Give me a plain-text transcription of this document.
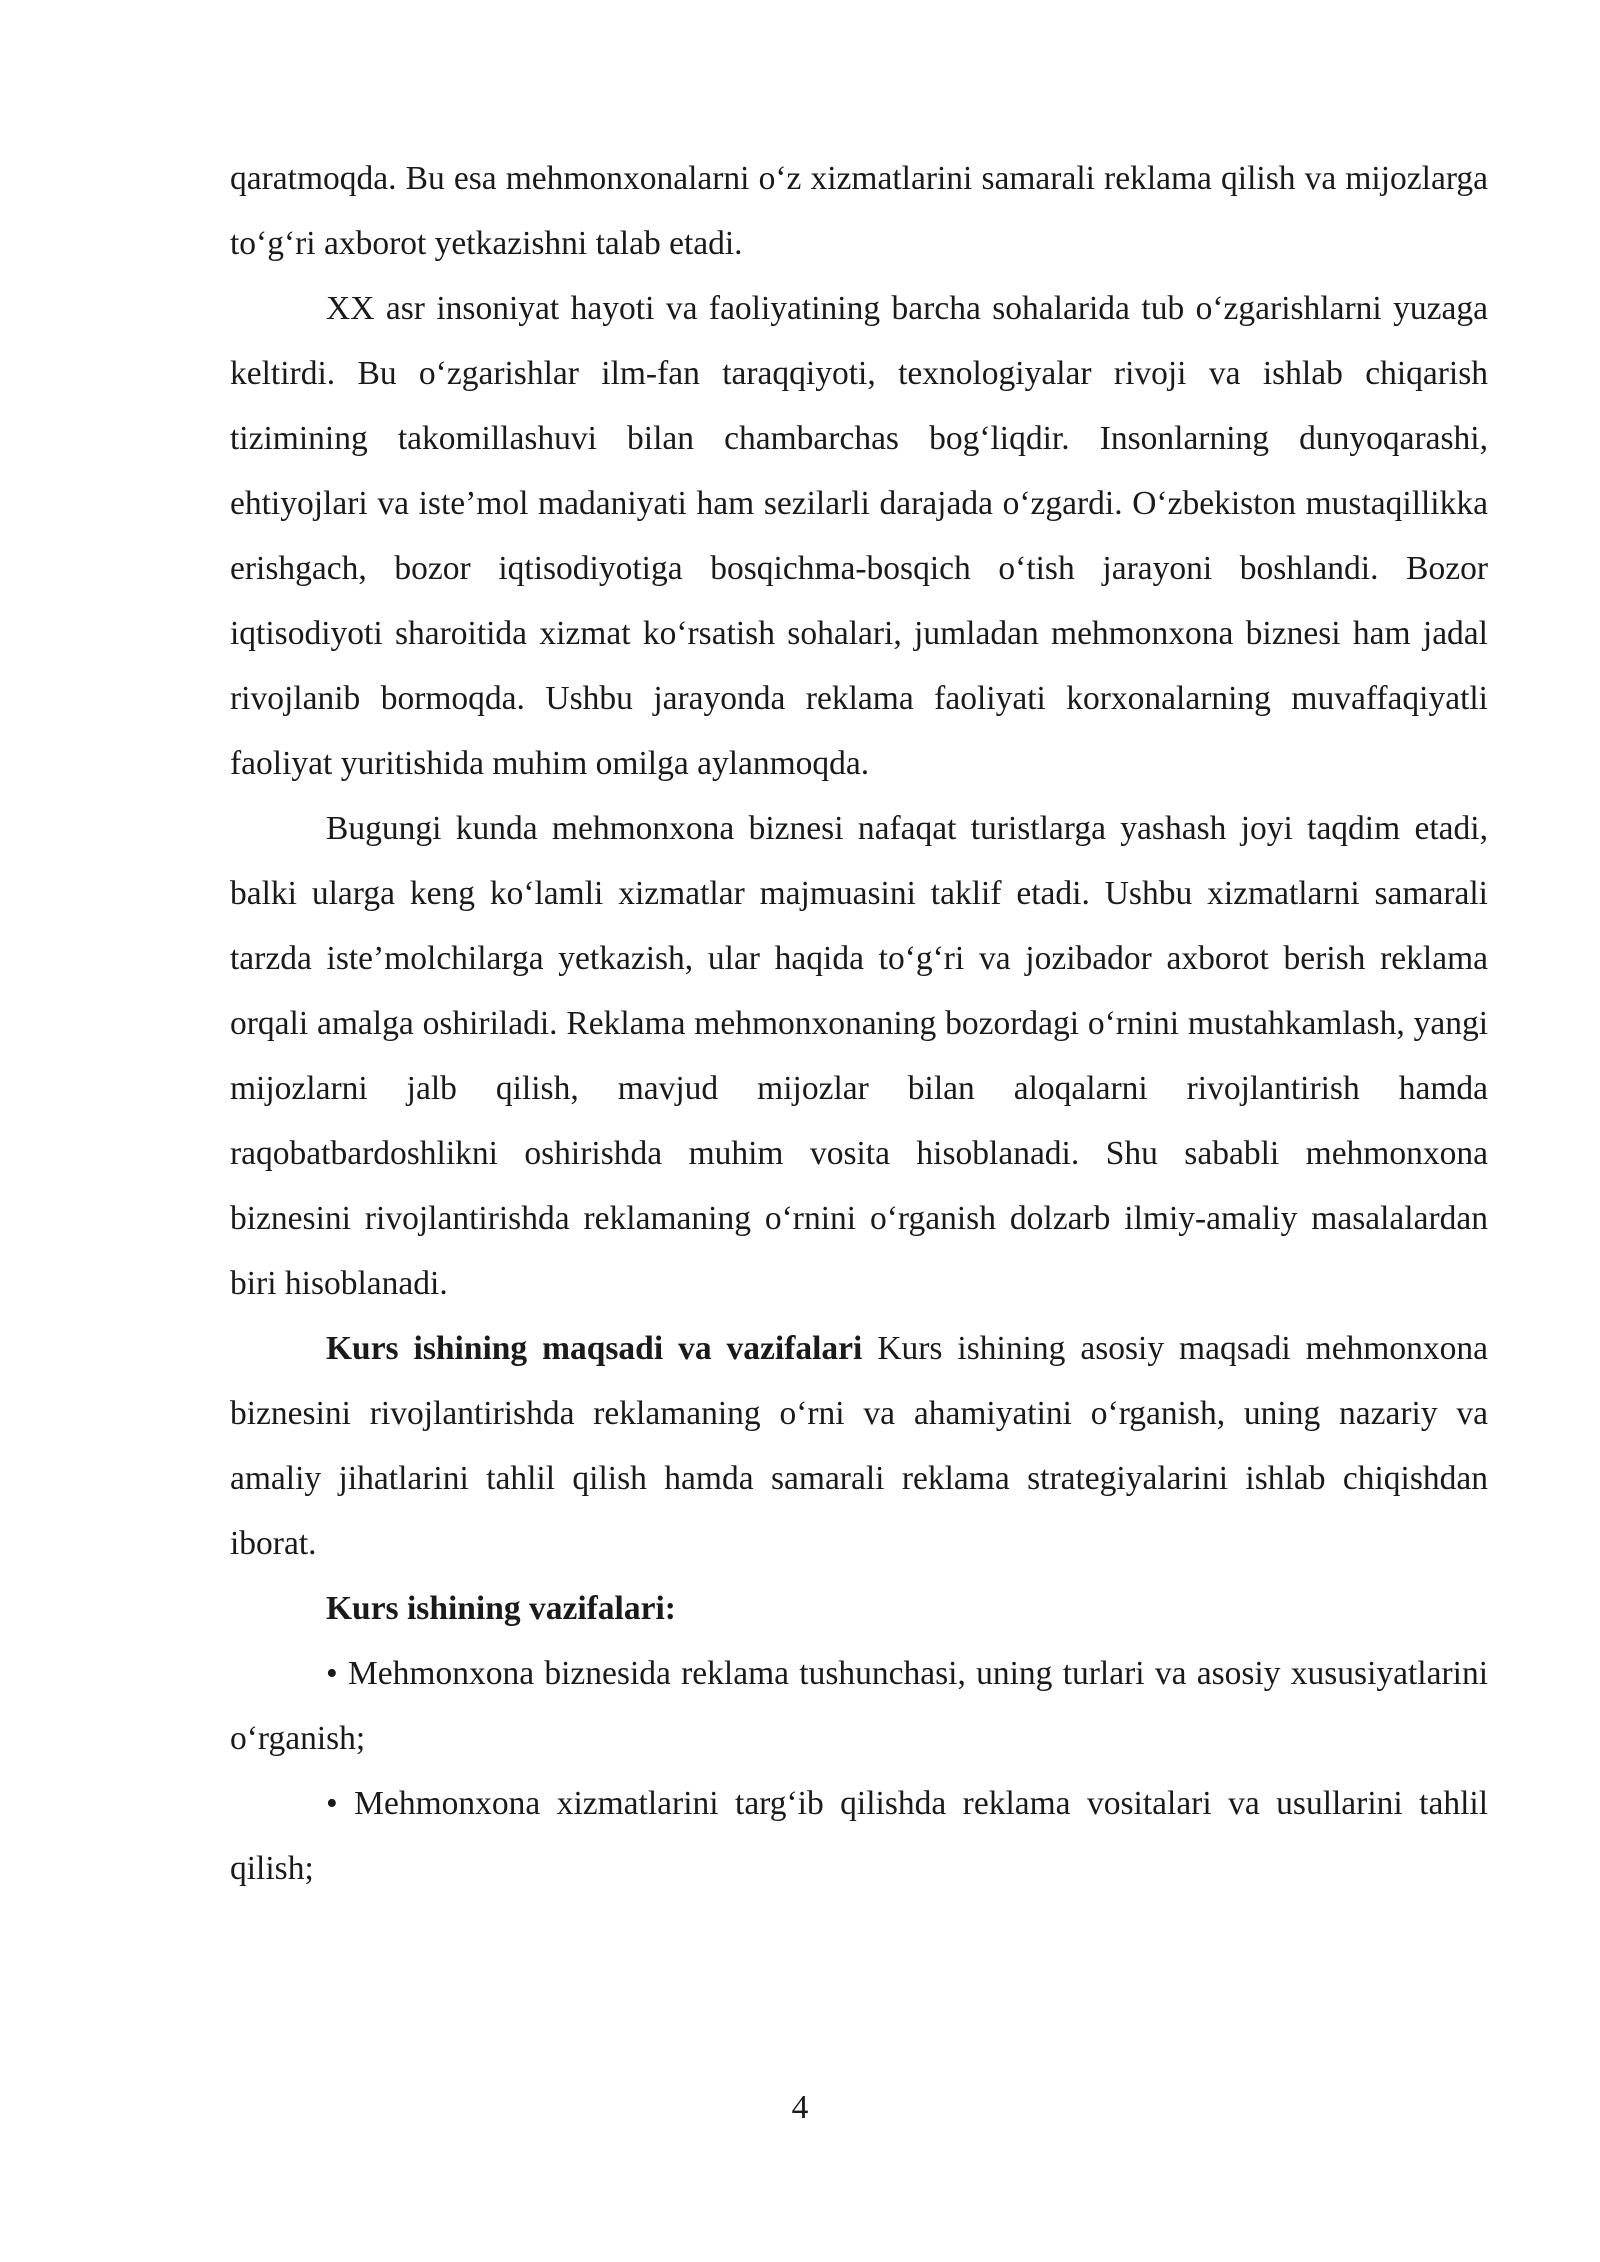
qaratmoqda. Bu esa mehmonxonalarni o‘z xizmatlarini samarali reklama qilish va mijozlarga to‘g‘ri axborot yetkazishni talab etadi.

XX asr insoniyat hayoti va faoliyatining barcha sohalarida tub o‘zgarishlarni yuzaga keltirdi. Bu o‘zgarishlar ilm-fan taraqqiyoti, texnologiyalar rivoji va ishlab chiqarish tizimining takomillashuvi bilan chambarchas bog‘liqdir. Insonlarning dunyoqarashi, ehtiyojlari va iste’mol madaniyati ham sezilarli darajada o‘zgardi. O‘zbekiston mustaqillikka erishgach, bozor iqtisodiyotiga bosqichma-bosqich o‘tish jarayoni boshlandi. Bozor iqtisodiyoti sharoitida xizmat ko‘rsatish sohalari, jumladan mehmonxona biznesi ham jadal rivojlanib bormoqda. Ushbu jarayonda reklama faoliyati korxonalarning muvaffaqiyatli faoliyat yuritishida muhim omilga aylanmoqda.

Bugungi kunda mehmonxona biznesi nafaqat turistlarga yashash joyi taqdim etadi, balki ularga keng ko‘lamli xizmatlar majmuasini taklif etadi. Ushbu xizmatlarni samarali tarzda iste’molchilarga yetkazish, ular haqida to‘g‘ri va jozibador axborot berish reklama orqali amalga oshiriladi. Reklama mehmonxonaning bozordagi o‘rnini mustahkamlash, yangi mijozlarni jalb qilish, mavjud mijozlar bilan aloqalarni rivojlantirish hamda raqobatbardoshlikni oshirishda muhim vosita hisoblanadi. Shu sababli mehmonxona biznesini rivojlantirishda reklamaning o‘rnini o‘rganish dolzarb ilmiy-amaliy masalalardan biri hisoblanadi.

Kurs ishining maqsadi va vazifalari Kurs ishining asosiy maqsadi mehmonxona biznesini rivojlantirishda reklamaning o‘rni va ahamiyatini o‘rganish, uning nazariy va amaliy jihatlarini tahlil qilish hamda samarali reklama strategiyalarini ishlab chiqishdan iborat.

Kurs ishining vazifalari:

• Mehmonxona biznesida reklama tushunchasi, uning turlari va asosiy xususiyatlarini o‘rganish;

• Mehmonxona xizmatlarini targ‘ib qilishda reklama vositalari va usullarini tahlil qilish;

4
